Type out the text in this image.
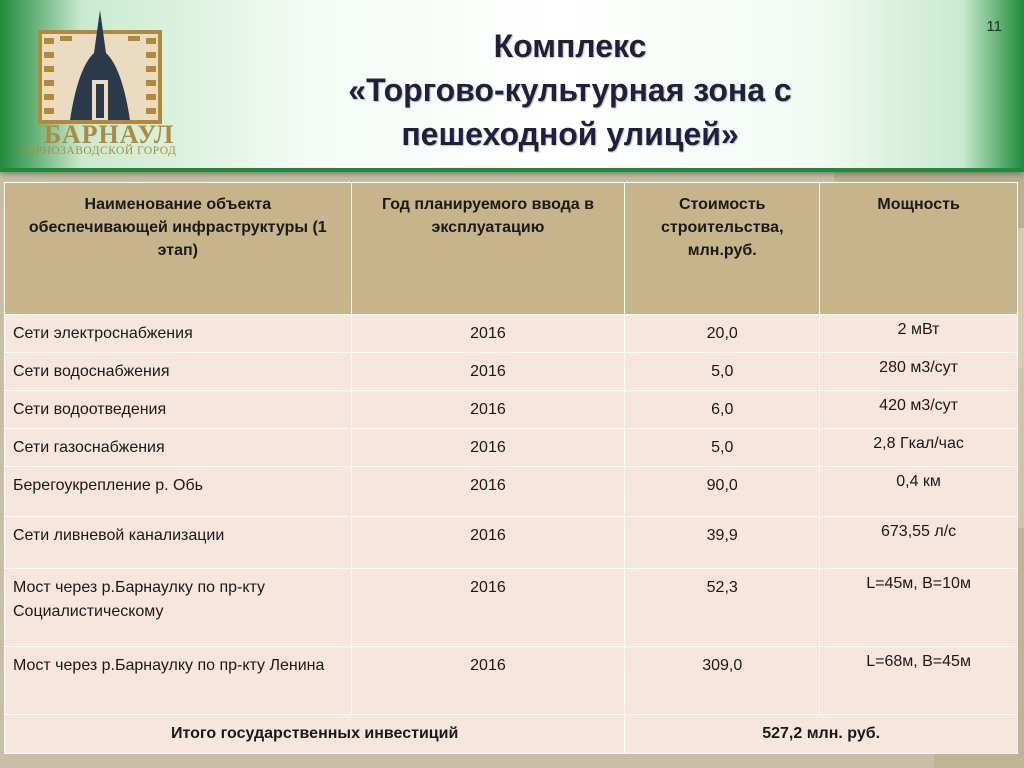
БАРНАУЛ
ГОРНОЗАВОДСКОЙ ГОРОД
Комплекс
«Торгово-культурная зона с
пешеходной улицей»
11
Наименование объекта обеспечивающей инфраструктуры (1 этап)	Год планируемого ввода в эксплуатацию	Стоимость строительства, млн.руб.	Мощность
Сети электроснабжения	2016	20,0	2 мВт
Сети водоснабжения	2016	5,0	280 м3/сут
Сети водоотведения	2016	6,0	420 м3/сут
Сети газоснабжения	2016	5,0	2,8 Гкал/час
Берегоукрепление р. Обь	2016	90,0	0,4 км
Сети ливневой канализации	2016	39,9	673,55 л/с
Мост через р.Барнаулку по пр-кту Социалистическому	2016	52,3	L=45м, В=10м
Мост через р.Барнаулку по пр-кту Ленина	2016	309,0	L=68м, В=45м
Итого государственных инвестиций		527,2 млн. руб.	
